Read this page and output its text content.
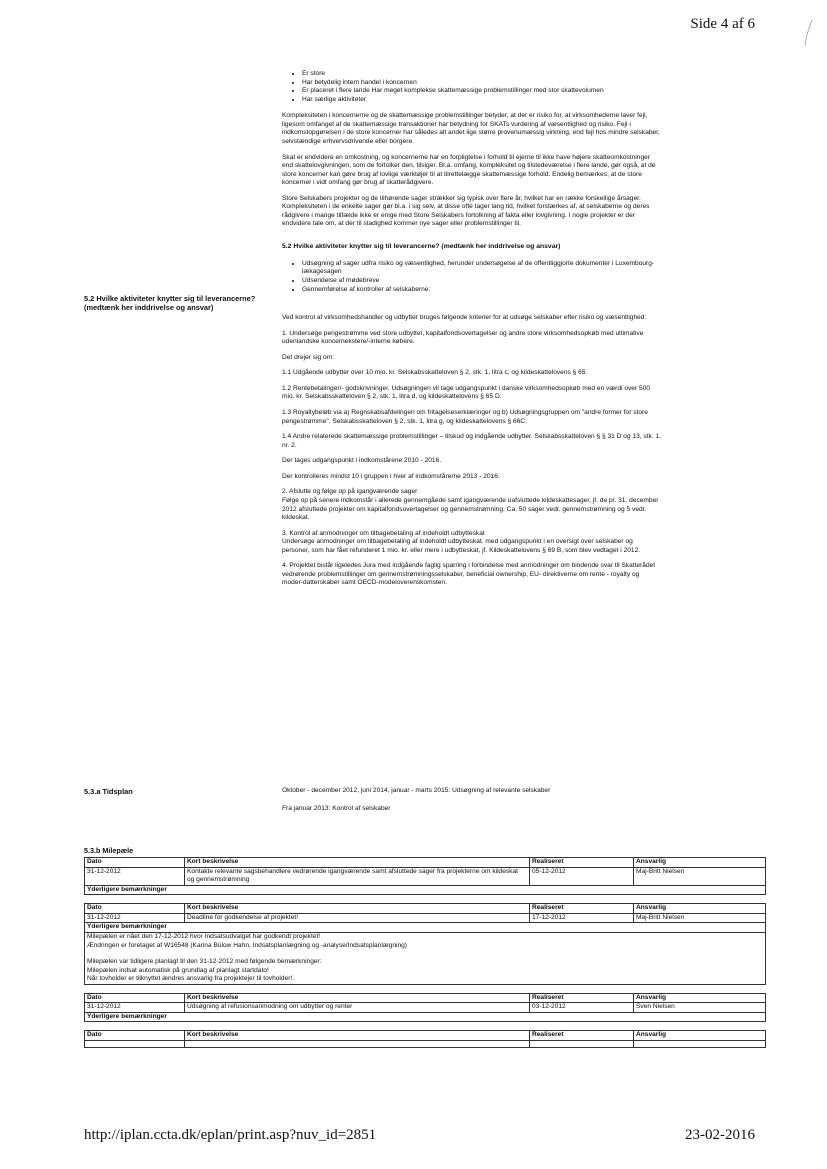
Side 4 af 6
• Er store
• Har betydelig intern handel i koncernen
• Er placeret i flere lande Har meget komplekse skattemæssige problemstillinger med stor skattevolumen
• Har særlige aktiviteter

Kompleksiteten i koncernerne og de skattemæssige problemstillinger betyder, at der er risiko for, at virksomhederne laver fejl, ligesom omfanget af de skattemæssige transaktioner har betydning for SKATs vurdering af væsentlighed og risiko. Fejl i indkomstopgørelsen i de store koncerner har således alt andet lige større provenumæssig virkning, end fejl hos mindre selskaber, selvstændige erhvervsdrivende eller borgere.

Skat er endvidere en omkostning, og koncernerne har en forpligtelse i forhold til ejerne til ikke have højere skatteomkostninger end skattelovgivningen, som de fortolker den, tilsiger. Bl.a. omfang, kompleksitet og tilstedeværelse i flere lande, gør også, at de store koncerner kan gøre brug af lovlige værktøjer til at tilrettelægge skattemæssige forhold. Endelig bemærkes, at de store koncerner i vidt omfang gør brug af skatterådgivere.

Store Selskabers projekter og de tilhørende sager strækker sig typisk over flere år, hvilket har en række forskellige årsager. Kompleksiteten i de enkelte sager gør bl.a. i sig selv, at disse ofte tager lang tid, hvilket forstærkes af, at selskaberne og deres rådgivere i mange tilfælde ikke er enige med Store Selskabers fortolkning af fakta eller lovgivning. I nogle projekter er der endvidere tale om, at der til stadighed kommer nye sager eller problemstillinger til.

5.2 Hvilke aktiviteter knytter sig til leverancerne? (medtænk her inddrivelse og ansvar)
• Udsøgning af sager udfra risiko og væsentlighed, herunder undersøgelse af de offentliggjorte dokumenter i Luxembourg-lækagesagen
• Udsendelse af mødebreve
• Gennemførelse af kontroller af selskaberne:

Ved kontrol af virksomhedshandler og udbytter bruges følgende kriterier for at udsøge selskaber efter risiko og væsentlighed:

1. Undersøge pengestrømme ved store udbytter, kapitalfondsovertagelser og andre store virksomhedsopkøb med ultimative udenlandske koncernekstere/-interne købere.

Det drejer sig om:

1.1 Udgående udbytter over 10 mio. kr. Selskabsskatteloven § 2, stk. 1, litra c, og kildeskattelovens § 65.

1.2 Rentebetalinger/- godskrivninger. Udsøgningen vil tage udgangspunkt i danske virksomhedsopkøb med en værdi over 500 mio. kr. Selskabsskatteloven § 2, stk. 1, litra d, og kildeskattelovens § 65 D.

1.3 Royaltybeløb via a) Regnskabsafdelingen om fritagelseserklæringer og b) Udsøgningsgruppen om "andre former for store pengestrømme". Selskabsskatteloven § 2, stk. 1, litra g, og kildeskattelovens § 66C.

1.4 Andre relaterede skattemæssige problemstillinger – tilskud og indgående udbytter. Selskabsskatteloven § § 31 D og 13, stk. 1, nr. 2.

Der tages udgangspunkt i indkomstårene 2010 - 2016.

Der kontrolleres mindst 10 i gruppen i hver af indkomstårerne 2013 - 2016.

2. Afslutte og følge op på igangværende sager
Følge op på senere indkomstår i allerede gennemgåede samt igangværende uafsluttede kildeskattesager, jf. de pr. 31. december 2012 afsluttede projekter om kapitalfondsovertagelser og gennemstrømning. Ca. 50 sager vedr. gennemstrømning og 5 vedr. kildeskat.

3. Kontrol af anmodninger om tilbagebetaling af indeholdt udbytteskat
Undersøge anmodninger om tilbagebetaling af indeholdt udbytteskat. med udgangspunkt i en oversigt over selskaber og personer, som har fået refunderet 1 mio. kr. eller mere i udbytteskat, jf. Kildeskattelovens § 69 B, som blev vedtaget i 2012.

4. Projektet bistår ligeledes Jura med indgående faglig sparring i forbindelse med anmodninger om bindende svar til Skatterådet vedrørende problemstillinger om gennemstrømningsselskaber, beneficial ownership, EU- direktiverne om rente - royalty og moder-datterskaber samt OECD-modeloverenskomsten.

5.2 Hvilke aktiviteter knytter sig til leverancerne? (medtænk her inddrivelse og ansvar)
5.3.a Tidsplan	Oktober - december 2012, juni 2014, januar - marts 2015: Udsøgning af relevante selskaber

Fra januar 2013: Kontrol af selskaber

5.3.b Milepæle
Dato	Kort beskrivelse	Realiseret	Ansvarlig
31-12-2012	Kontakte relevante sagsbehandlere vedrørende igangværende samt afsluttede sager fra projekterne om kildeskat og gennemstrømning	05-12-2012	Maj-Britt Nielsen
Yderligere bemærkninger			
Dato	Kort beskrivelse	Realiseret	Ansvarlig
31-12-2012	Deadline for godkendelse af projektet!	17-12-2012	Maj-Britt Nielsen
Yderligere bemærkninger			

Milepælen er nået den 17-12-2012 hvor Indsatsudvalget har godkendt projektet!
Ændringen er foretaget af W16548 (Karina Bülow Hahn, Indsatsplanlægning og -analyse/Indsatsplanlægning)
Milepælen var tidligere planlagt til den 31-12-2012 med følgende bemærkninger:
Milepælen indsat automatisk på grundlag af planlagt startdato!
Når tovholder er tilknyttet ændres ansvarlig fra projektejer til tovholder!.			
Dato	Kort beskrivelse	Realiseret	Ansvarlig
31-12-2012	Udsøgning af refusionsanmodning om udbytter og renter	03-12-2012	Sven Nielsen
Yderligere bemærkninger			
Dato	Kort beskrivelse	Realiseret	Ansvarlig

http://iplan.ccta.dk/eplan/print.asp?nuv_id=2851	23-02-2016
